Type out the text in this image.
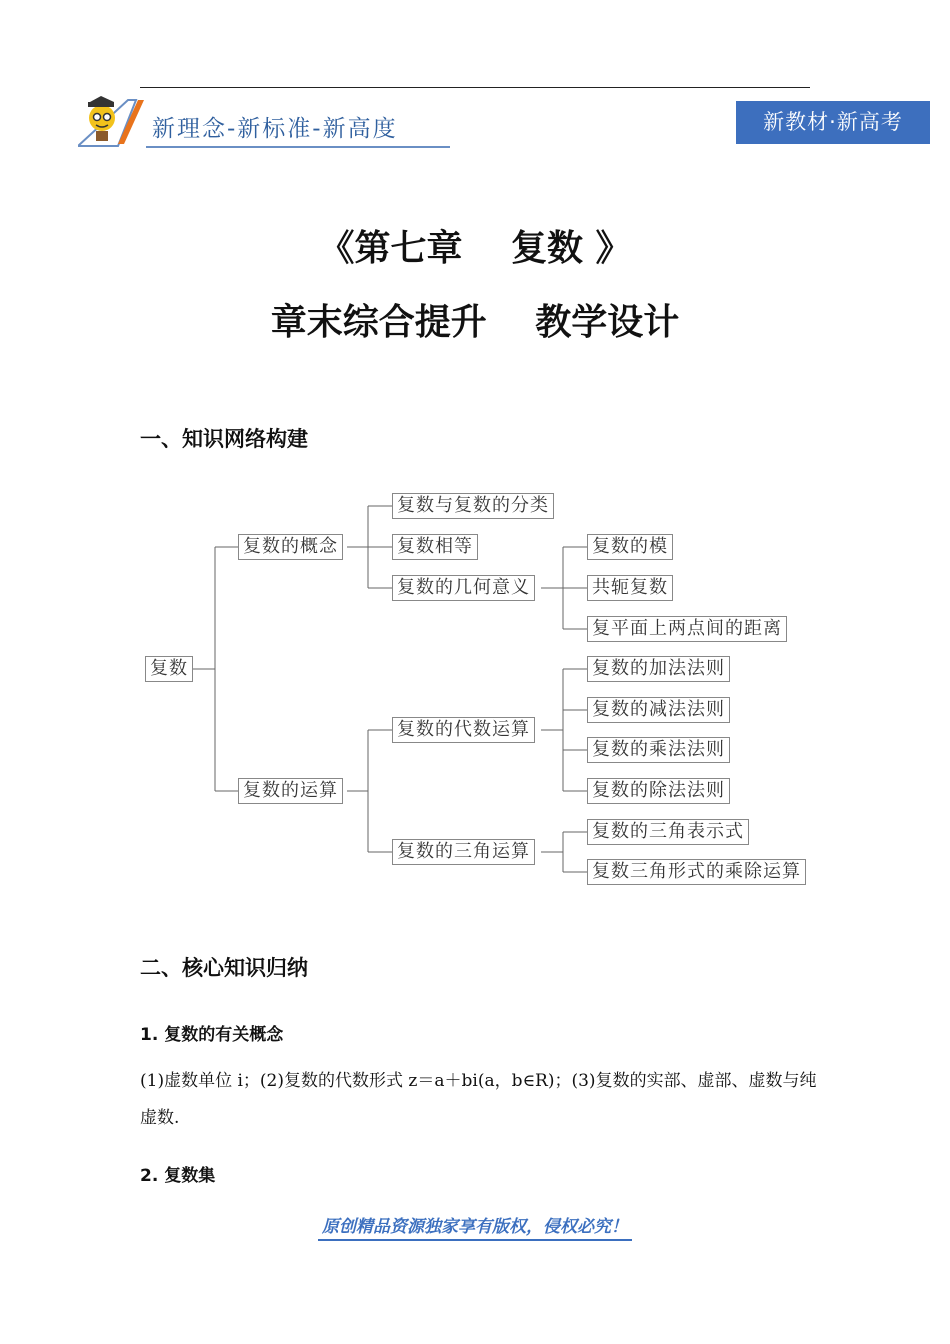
新理念-新标准-新高度	新教材·新高考
《第七章　 复数 》
章末综合提升　 教学设计
一、知识网络构建
复数
复数的概念
复数的运算
复数与复数的分类
复数相等
复数的几何意义
复数的模
共轭复数
复平面上两点间的距离
复数的代数运算
复数的三角运算
复数的加法法则
复数的减法法则
复数的乘法法则
复数的除法法则
复数的三角表示式
复数三角形式的乘除运算
二、核心知识归纳
1. 复数的有关概念
(1)虚数单位 i；(2)复数的代数形式 z＝a＋bi(a，b∈R)；(3)复数的实部、虚部、虚数与纯虚数.
2. 复数集
原创精品资源独家享有版权，侵权必究！
